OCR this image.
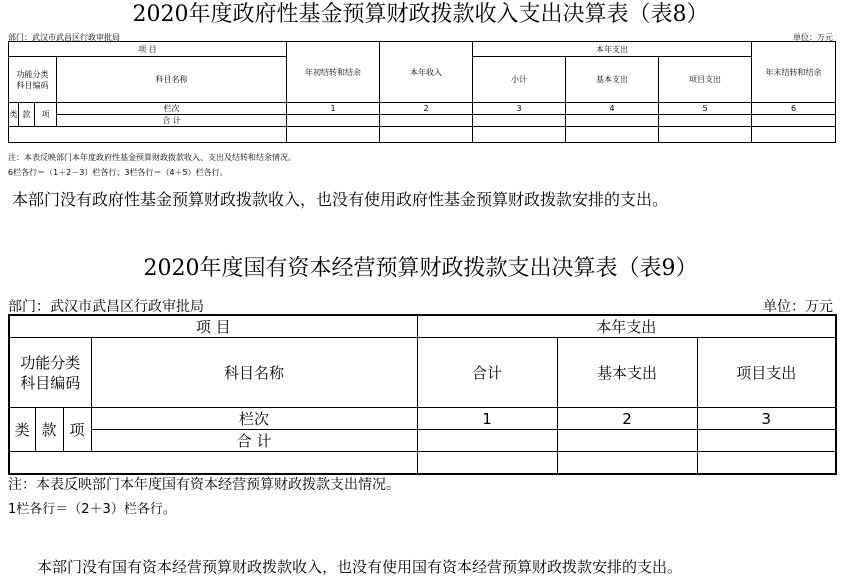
2020年度政府性基金预算财政拨款收入支出决算表（表8）
部门：武汉市武昌区行政审批局	单位：万元
项 目				年初结转和结余	本年收入	本年支出			年末结转和结余
功能分类
科目编码			科目名称			小计	基本支出	项目支出	
类	款	项	栏次	1	2	3	4	5	6
			合 计						

注：本表反映部门本年度政府性基金预算财政拨款收入、支出及结转和结余情况。
6栏各行＝（1＋2－3）栏各行；3栏各行＝（4＋5）栏各行。
本部门没有政府性基金预算财政拨款收入，也没有使用政府性基金预算财政拨款安排的支出。
2020年度国有资本经营预算财政拨款支出决算表（表9）
部门：武汉市武昌区行政审批局	单位：万元
项 目				本年支出		
功能分类
科目编码			科目名称	合计	基本支出	项目支出
类	款	项	栏次	1	2	3
			合 计			

注：本表反映部门本年度国有资本经营预算财政拨款支出情况。
1栏各行＝（2＋3）栏各行。
本部门没有国有资本经营预算财政拨款收入，也没有使用国有资本经营预算财政拨款安排的支出。
